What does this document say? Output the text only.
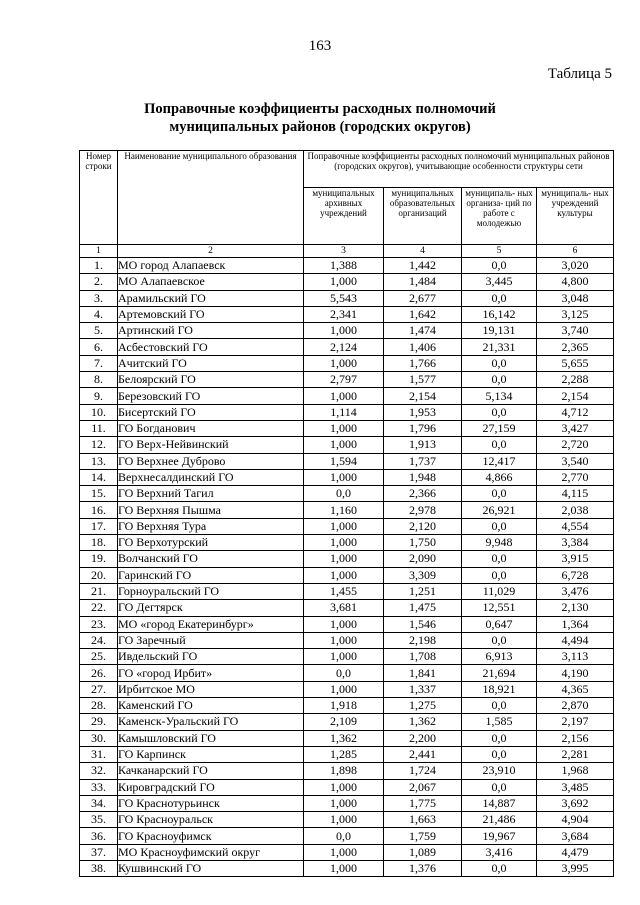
163
Таблица 5
Поправочные коэффициенты расходных полномочий
муниципальных районов (городских округов)
Номер строки	Наименование муниципального образования	Поправочные коэффициенты расходных полномочий муниципальных районов (городских округов), учитывающие особенности структуры сети			
		муниципальных архивных учреждений	муниципальных образовательных организаций	муниципаль- ных организа- ций по работе с молодежью	муниципаль- ных учреждений культуры
1	2	3	4	5	6
1.	МО город Алапаевск	1,388	1,442	0,0	3,020
2.	МО Алапаевское	1,000	1,484	3,445	4,800
3.	Арамильский ГО	5,543	2,677	0,0	3,048
4.	Артемовский ГО	2,341	1,642	16,142	3,125
5.	Артинский ГО	1,000	1,474	19,131	3,740
6.	Асбестовский ГО	2,124	1,406	21,331	2,365
7.	Ачитский ГО	1,000	1,766	0,0	5,655
8.	Белоярский ГО	2,797	1,577	0,0	2,288
9.	Березовский ГО	1,000	2,154	5,134	2,154
10.	Бисертский ГО	1,114	1,953	0,0	4,712
11.	ГО Богданович	1,000	1,796	27,159	3,427
12.	ГО Верх-Нейвинский	1,000	1,913	0,0	2,720
13.	ГО Верхнее Дуброво	1,594	1,737	12,417	3,540
14.	Верхнесалдинский ГО	1,000	1,948	4,866	2,770
15.	ГО Верхний Тагил	0,0	2,366	0,0	4,115
16.	ГО Верхняя Пышма	1,160	2,978	26,921	2,038
17.	ГО Верхняя Тура	1,000	2,120	0,0	4,554
18.	ГО Верхотурский	1,000	1,750	9,948	3,384
19.	Волчанский ГО	1,000	2,090	0,0	3,915
20.	Гаринский ГО	1,000	3,309	0,0	6,728
21.	Горноуральский ГО	1,455	1,251	11,029	3,476
22.	ГО Дегтярск	3,681	1,475	12,551	2,130
23.	МО «город Екатеринбург»	1,000	1,546	0,647	1,364
24.	ГО Заречный	1,000	2,198	0,0	4,494
25.	Ивдельский ГО	1,000	1,708	6,913	3,113
26.	ГО «город Ирбит»	0,0	1,841	21,694	4,190
27.	Ирбитское МО	1,000	1,337	18,921	4,365
28.	Каменский ГО	1,918	1,275	0,0	2,870
29.	Каменск-Уральский ГО	2,109	1,362	1,585	2,197
30.	Камышловский ГО	1,362	2,200	0,0	2,156
31.	ГО Карпинск	1,285	2,441	0,0	2,281
32.	Качканарский ГО	1,898	1,724	23,910	1,968
33.	Кировградский ГО	1,000	2,067	0,0	3,485
34.	ГО Краснотурьинск	1,000	1,775	14,887	3,692
35.	ГО Красноуральск	1,000	1,663	21,486	4,904
36.	ГО Красноуфимск	0,0	1,759	19,967	3,684
37.	МО Красноуфимский округ	1,000	1,089	3,416	4,479
38.	Кушвинский ГО	1,000	1,376	0,0	3,995
